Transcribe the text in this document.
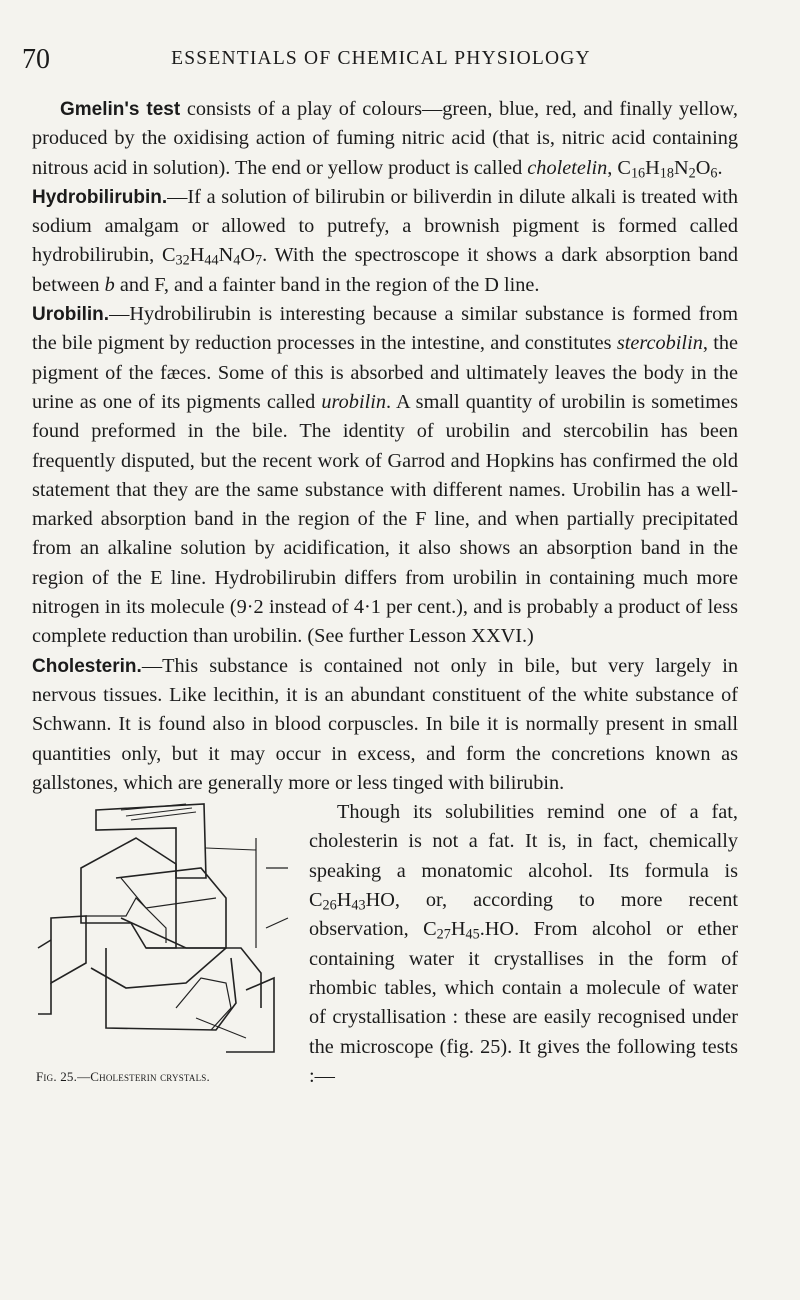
70	ESSENTIALS OF CHEMICAL PHYSIOLOGY

Gmelin's test consists of a play of colours—green, blue, red, and finally yellow, produced by the oxidising action of fuming nitric acid (that is, nitric acid containing nitrous acid in solution). The end or yellow product is called choletelin, $C_{16}H_{18}N_2O_6$.

Hydrobilirubin.—If a solution of bilirubin or biliverdin in dilute alkali is treated with sodium amalgam or allowed to putrefy, a brownish pigment is formed called hydrobilirubin, $C_{32}H_{44}N_4O_7$. With the spectroscope it shows a dark absorption band between b and F, and a fainter band in the region of the D line.

Urobilin.—Hydrobilirubin is interesting because a similar substance is formed from the bile pigment by reduction processes in the intestine, and constitutes stercobilin, the pigment of the fæces. Some of this is absorbed and ultimately leaves the body in the urine as one of its pigments called urobilin. A small quantity of urobilin is sometimes found preformed in the bile. The identity of urobilin and stercobilin has been frequently disputed, but the recent work of Garrod and Hopkins has confirmed the old statement that they are the same substance with different names. Urobilin has a well-marked absorption band in the region of the F line, and when partially precipitated from an alkaline solution by acidification, it also shows an absorption band in the region of the E line. Hydrobilirubin differs from urobilin in containing much more nitrogen in its molecule (9·2 instead of 4·1 per cent.), and is probably a product of less complete reduction than urobilin. (See further Lesson XXVI.)

Cholesterin.—This substance is contained not only in bile, but very largely in nervous tissues. Like lecithin, it is an abundant constituent of the white substance of Schwann. It is found also in blood corpuscles. In bile it is normally present in small quantities only, but it may occur in excess, and form the concretions known as gallstones, which are generally more or less tinged with bilirubin.

Fig. 25.—Cholesterin crystals.

Though its solubilities remind one of a fat, cholesterin is not a fat. It is, in fact, chemically speaking a monatomic alcohol. Its formula is $C_{26}H_{43}HO$, or, according to more recent observation, $C_{27}H_{45}.HO$. From alcohol or ether containing water it crystallises in the form of rhombic tables, which contain a molecule of water of crystallisation : these are easily recognised under the microscope (fig. 25). It gives the following tests :—
